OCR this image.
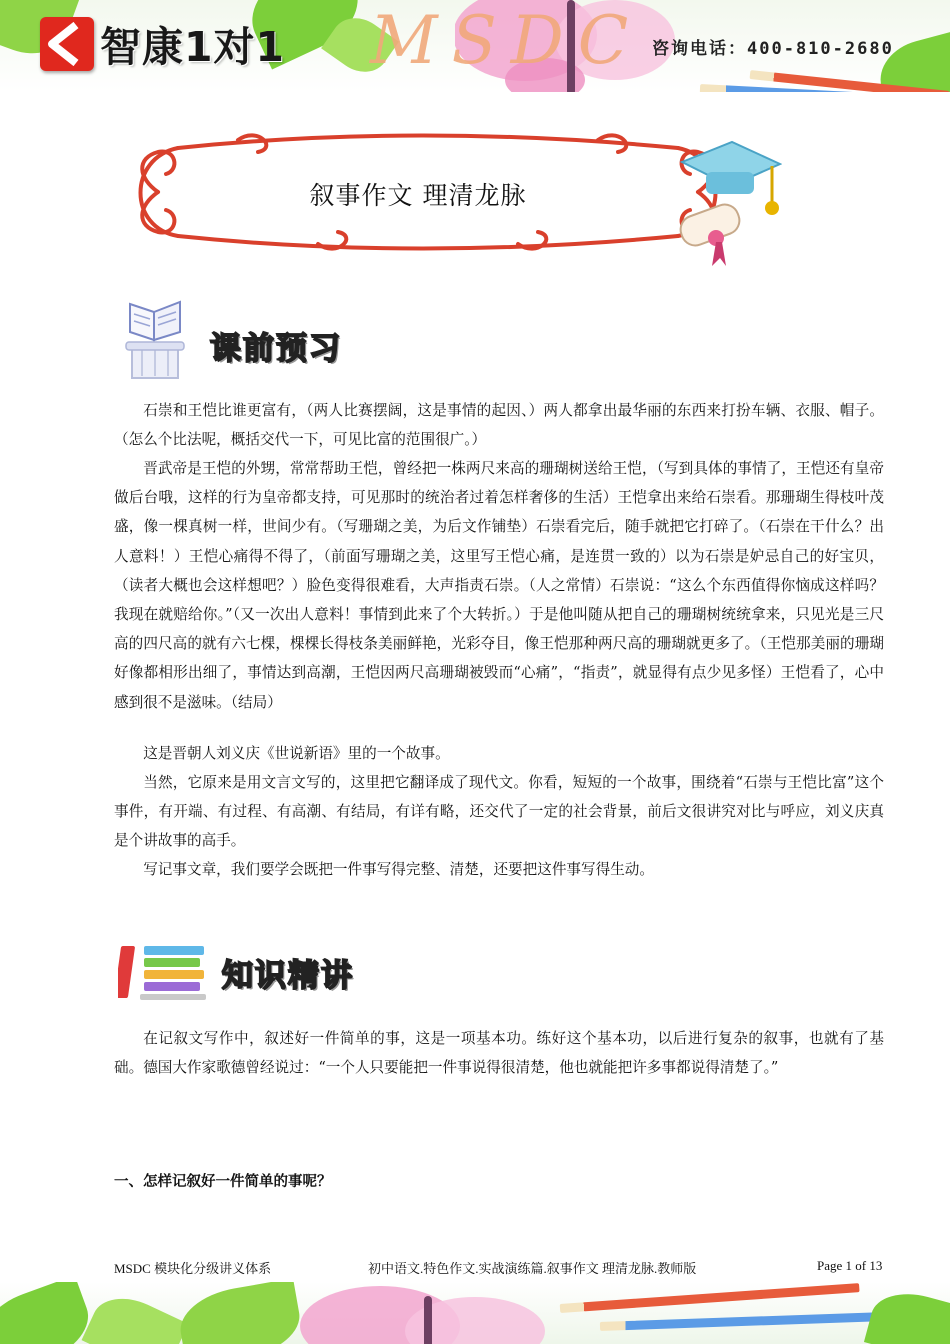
智康1对1 MSDC 咨询电话：400-810-2680
叙事作文 理清龙脉
课前预习

石崇和王恺比谁更富有，（两人比赛摆阔，这是事情的起因、）两人都拿出最华丽的东西来打扮车辆、衣服、帽子。（怎么个比法呢，概括交代一下，可见比富的范围很广。）

晋武帝是王恺的外甥，常常帮助王恺，曾经把一株两尺来高的珊瑚树送给王恺，（写到具体的事情了，王恺还有皇帝做后台哦，这样的行为皇帝都支持，可见那时的统治者过着怎样奢侈的生活）王恺拿出来给石崇看。那珊瑚生得枝叶茂盛，像一棵真树一样，世间少有。（写珊瑚之美，为后文作铺垫）石崇看完后，随手就把它打碎了。（石崇在干什么？出人意料！）王恺心痛得不得了，（前面写珊瑚之美，这里写王恺心痛，是连贯一致的）以为石崇是妒忌自己的好宝贝，（读者大概也会这样想吧？）脸色变得很难看，大声指责石崇。（人之常情）石崇说：“这么个东西值得你恼成这样吗？我现在就赔给你。”（又一次出人意料！事情到此来了个大转折。）于是他叫随从把自己的珊瑚树统统拿来，只见光是三尺高的四尺高的就有六七棵，棵棵长得枝条美丽鲜艳，光彩夺目，像王恺那种两尺高的珊瑚就更多了。（王恺那美丽的珊瑚好像都相形出细了，事情达到高潮，王恺因两尺高珊瑚被毁而“心痛”，“指责”，就显得有点少见多怪）王恺看了，心中感到很不是滋味。（结局）

这是晋朝人刘义庆《世说新语》里的一个故事。

当然，它原来是用文言文写的，这里把它翻译成了现代文。你看，短短的一个故事，围绕着“石崇与王恺比富”这个事件，有开端、有过程、有高潮、有结局，有详有略，还交代了一定的社会背景，前后文很讲究对比与呼应，刘义庆真是个讲故事的高手。

写记事文章，我们要学会既把一件事写得完整、清楚，还要把这件事写得生动。

知识精讲

在记叙文写作中，叙述好一件简单的事，这是一项基本功。练好这个基本功，以后进行复杂的叙事，也就有了基础。德国大作家歌德曾经说过：“一个人只要能把一件事说得很清楚，他也就能把许多事都说得清楚了。”

一、怎样记叙好一件简单的事呢？
MSDC 模块化分级讲义体系	初中语文.特色作文.实战演练篇.叙事作文 理清龙脉.教师版	Page 1 of 13
